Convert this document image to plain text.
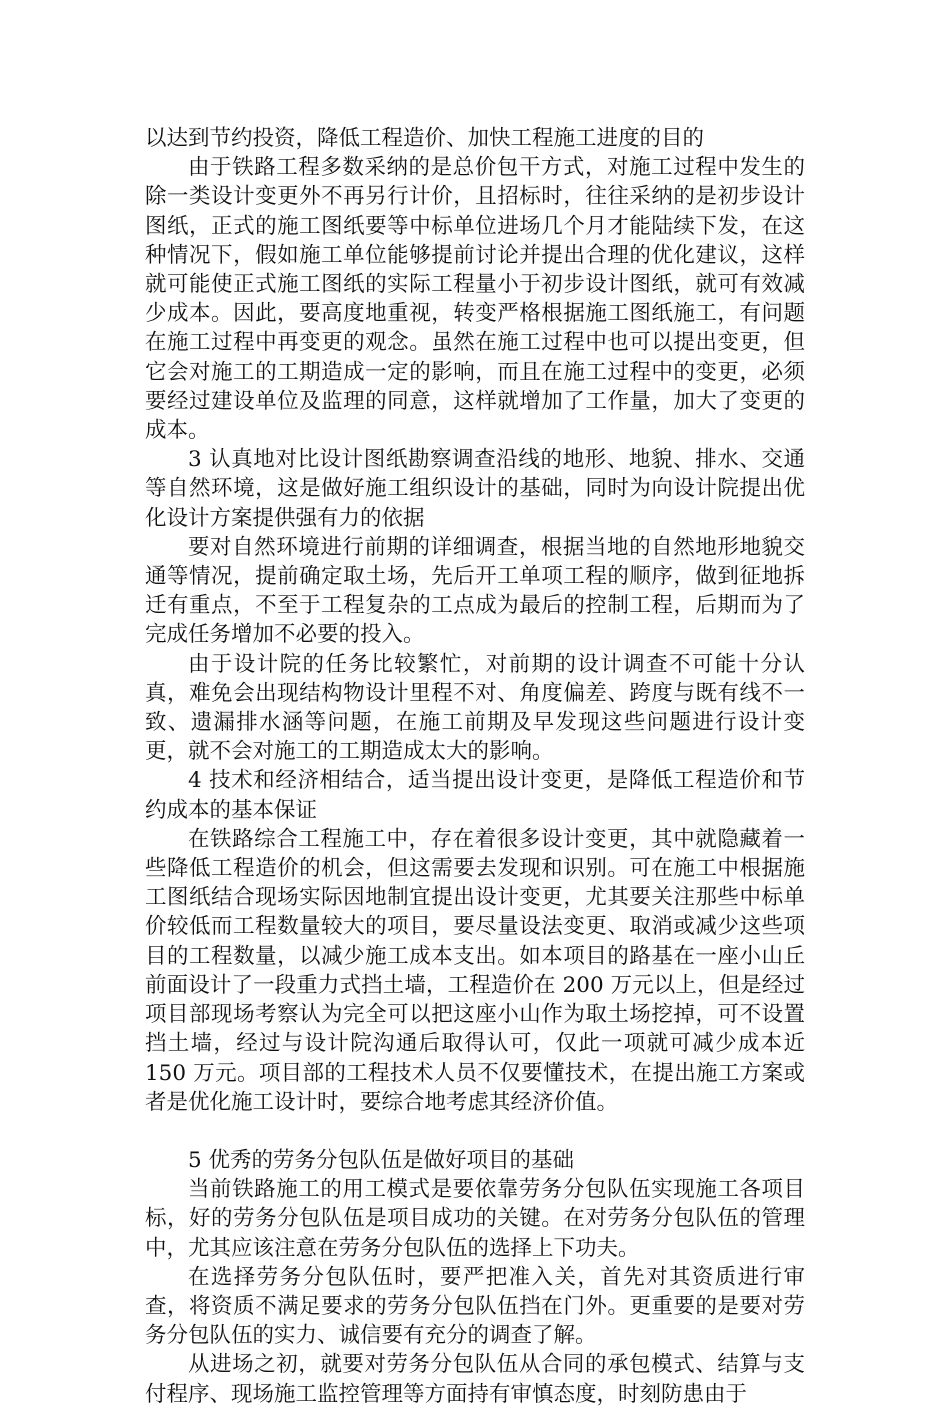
以达到节约投资，降低工程造价、加快工程施工进度的目的

由于铁路工程多数采纳的是总价包干方式，对施工过程中发生的除一类设计变更外不再另行计价，且招标时，往往采纳的是初步设计图纸，正式的施工图纸要等中标单位进场几个月才能陆续下发，在这种情况下，假如施工单位能够提前讨论并提出合理的优化建议，这样就可能使正式施工图纸的实际工程量小于初步设计图纸，就可有效减少成本。因此，要高度地重视，转变严格根据施工图纸施工，有问题在施工过程中再变更的观念。虽然在施工过程中也可以提出变更，但它会对施工的工期造成一定的影响，而且在施工过程中的变更，必须要经过建设单位及监理的同意，这样就增加了工作量，加大了变更的成本。

3 认真地对比设计图纸勘察调查沿线的地形、地貌、排水、交通等自然环境，这是做好施工组织设计的基础，同时为向设计院提出优化设计方案提供强有力的依据

要对自然环境进行前期的详细调查，根据当地的自然地形地貌交通等情况，提前确定取土场，先后开工单项工程的顺序，做到征地拆迁有重点，不至于工程复杂的工点成为最后的控制工程，后期而为了完成任务增加不必要的投入。

由于设计院的任务比较繁忙，对前期的设计调查不可能十分认真，难免会出现结构物设计里程不对、角度偏差、跨度与既有线不一致、遗漏排水涵等问题，在施工前期及早发现这些问题进行设计变更，就不会对施工的工期造成太大的影响。

4 技术和经济相结合，适当提出设计变更，是降低工程造价和节约成本的基本保证

在铁路综合工程施工中，存在着很多设计变更，其中就隐藏着一些降低工程造价的机会，但这需要去发现和识别。可在施工中根据施工图纸结合现场实际因地制宜提出设计变更，尤其要关注那些中标单价较低而工程数量较大的项目，要尽量设法变更、取消或减少这些项目的工程数量，以减少施工成本支出。如本项目的路基在一座小山丘前面设计了一段重力式挡土墙，工程造价在 200 万元以上，但是经过项目部现场考察认为完全可以把这座小山作为取土场挖掉，可不设置挡土墙，经过与设计院沟通后取得认可，仅此一项就可减少成本近 150 万元。项目部的工程技术人员不仅要懂技术，在提出施工方案或者是优化施工设计时，要综合地考虑其经济价值。

5 优秀的劳务分包队伍是做好项目的基础

当前铁路施工的用工模式是要依靠劳务分包队伍实现施工各项目标，好的劳务分包队伍是项目成功的关键。在对劳务分包队伍的管理中，尤其应该注意在劳务分包队伍的选择上下功夫。

在选择劳务分包队伍时，要严把准入关，首先对其资质进行审查，将资质不满足要求的劳务分包队伍挡在门外。更重要的是要对劳务分包队伍的实力、诚信要有充分的调查了解。

从进场之初，就要对劳务分包队伍从合同的承包模式、结算与支付程序、现场施工监控管理等方面持有审慎态度，时刻防患由于
